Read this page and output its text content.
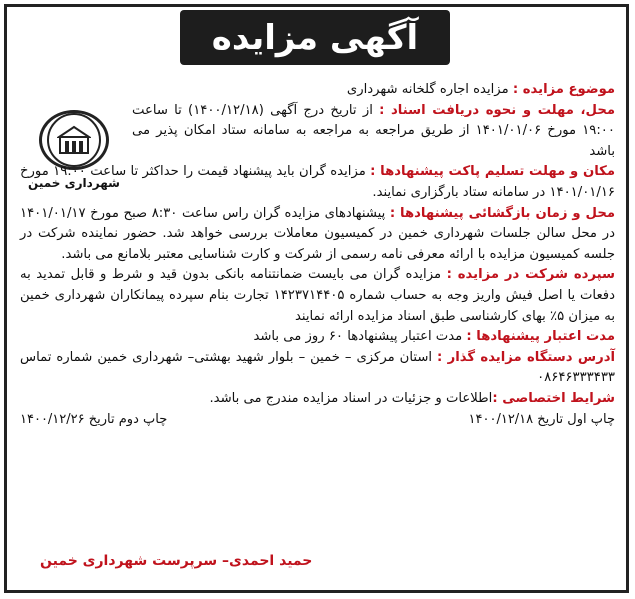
آگهی مزایده
شهرداری خمین

موضوع مزایده : مزایده اجاره گلخانه شهرداری

محل، مهلت و نحوه دریافت اسناد : از تاریخ درج آگهی (۱۴۰۰/۱۲/۱۸) تا ساعت ۱۹:۰۰ مورخ ۱۴۰۱/۰۱/۰۶ از طریق مراجعه به مراجعه به سامانه ستاد امکان پذیر می باشد

مکان و مهلت تسلیم پاکت پیشنهادها : مزایده گران باید پیشنهاد قیمت را حداکثر تا ساعت ۱۹:۰۰ مورخ ۱۴۰۱/۰۱/۱۶ در سامانه ستاد بارگزاری نمایند.

محل و زمان بازگشائی پیشنهادها : پیشنهادهای مزایده گران راس ساعت ۸:۳۰ صبح مورخ ۱۴۰۱/۰۱/۱۷ در محل سالن جلسات شهرداری خمین در کمیسیون معاملات بررسی خواهد شد. حضور نماینده شرکت در جلسه کمیسیون مزایده با ارائه معرفی نامه رسمی از شرکت و کارت شناسایی معتبر بلامانع می باشد.

سپرده شرکت در مزایده : مزایده گران می بایست ضمانتنامه بانکی بدون قید و شرط و قابل تمدید به دفعات یا اصل فیش واریز وجه به حساب شماره ۱۴۲۳۷۱۴۴۰۵ تجارت بنام سپرده پیمانکاران شهرداری خمین به میزان ۵٪ بهای کارشناسی طبق اسناد مزایده ارائه نمایند

مدت اعتبار پیشنهادها : مدت اعتبار پیشنهادها ۶۰ روز می باشد

آدرس دستگاه مزایده گذار : استان مرکزی – خمین – بلوار شهید بهشتی– شهرداری خمین شماره تماس ۰۸۶۴۶۳۳۳۴۳۳

شرایط اختصاصی :اطلاعات و جزئیات در اسناد مزایده مندرج می باشد.

چاپ اول تاریخ ۱۴۰۰/۱۲/۱۸
چاپ دوم تاریخ ۱۴۰۰/۱۲/۲۶
حمید احمدی– سرپرست شهرداری خمین
